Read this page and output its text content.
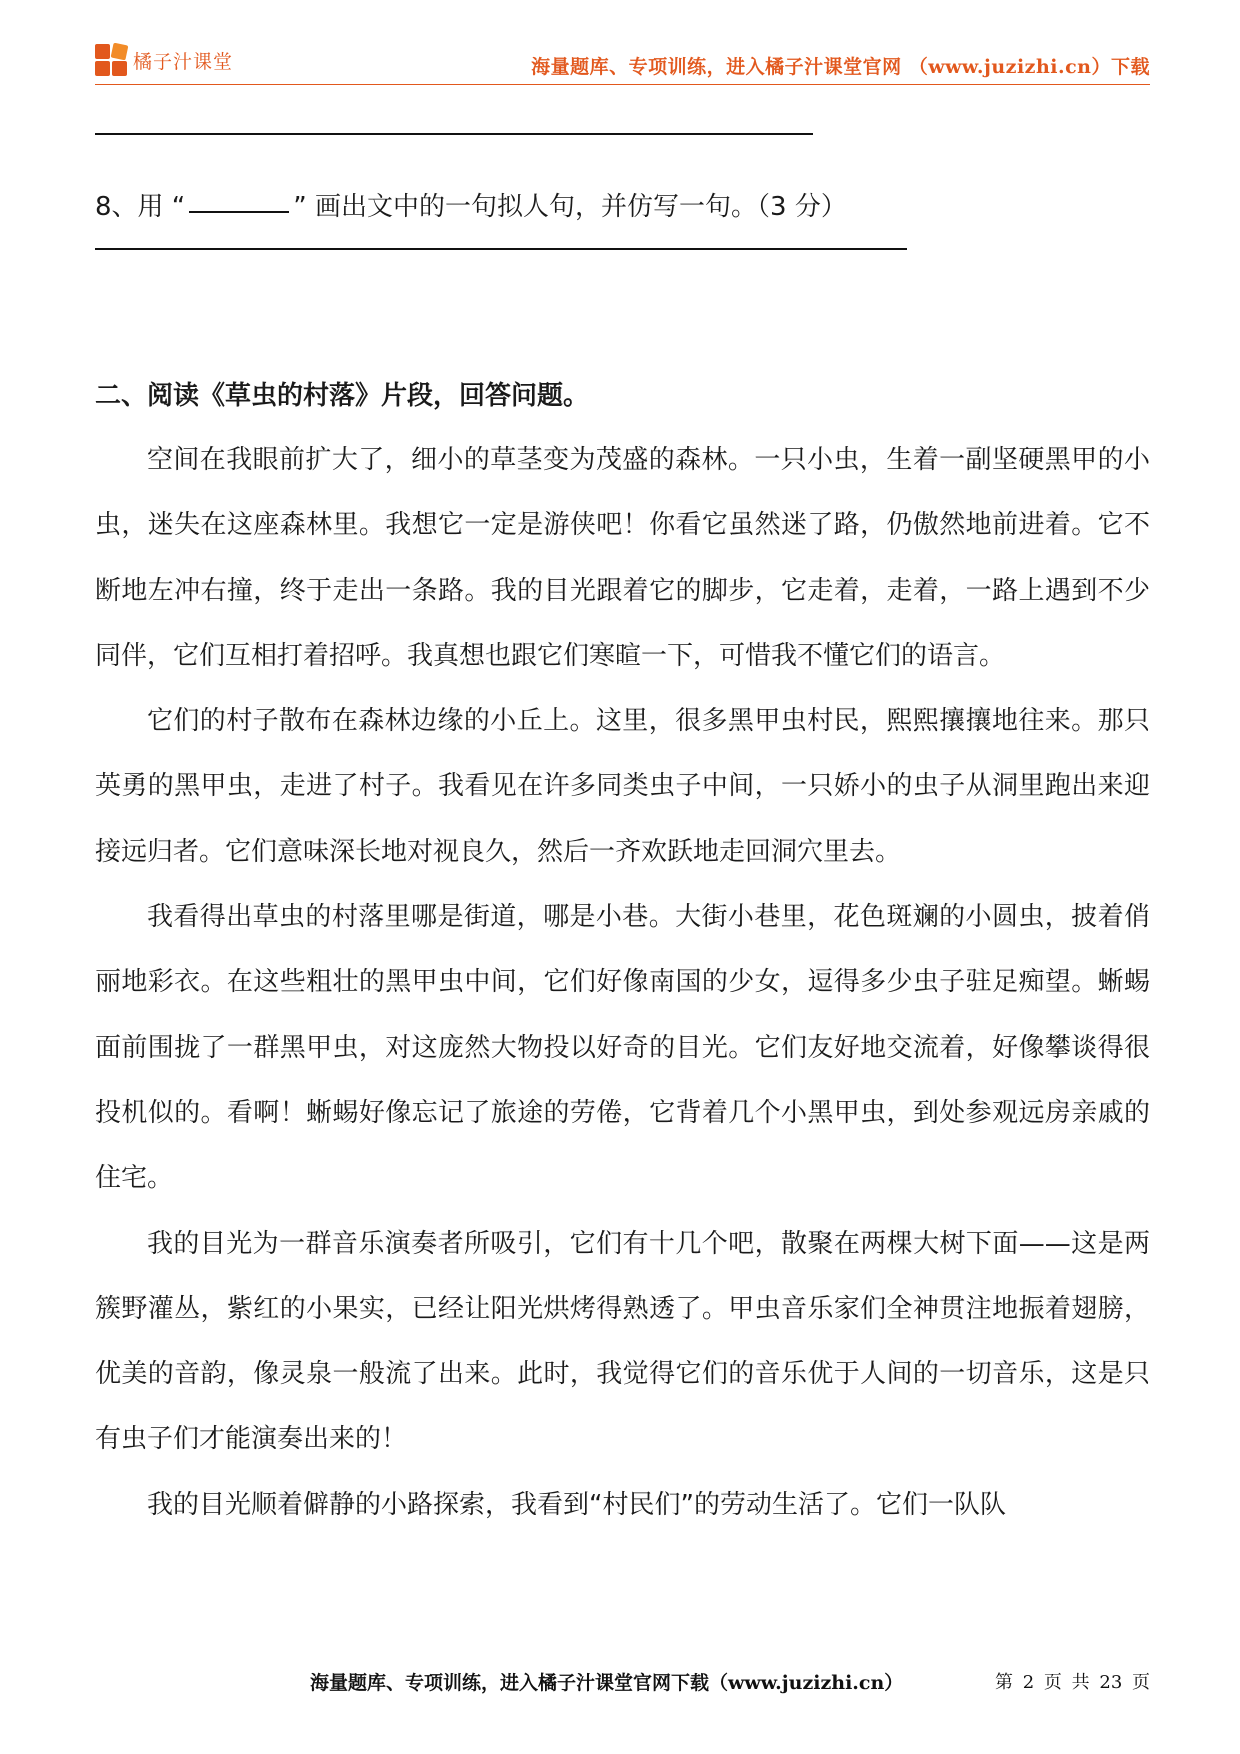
橘子汁课堂	海量题库、专项训练，进入橘子汁课堂官网 （www.juzizhi.cn）下载
8、用 “	” 画出文中的一句拟人句，并仿写一句。（3 分）
二、阅读《草虫的村落》片段，回答问题。

空间在我眼前扩大了，细小的草茎变为茂盛的森林。一只小虫，生着一副坚硬黑甲的小虫，迷失在这座森林里。我想它一定是游侠吧！你看它虽然迷了路，仍傲然地前进着。它不断地左冲右撞，终于走出一条路。我的目光跟着它的脚步，它走着，走着，一路上遇到不少同伴，它们互相打着招呼。我真想也跟它们寒暄一下，可惜我不懂它们的语言。

它们的村子散布在森林边缘的小丘上。这里，很多黑甲虫村民，熙熙攘攘地往来。那只英勇的黑甲虫，走进了村子。我看见在许多同类虫子中间，一只娇小的虫子从洞里跑出来迎接远归者。它们意味深长地对视良久，然后一齐欢跃地走回洞穴里去。

我看得出草虫的村落里哪是街道，哪是小巷。大街小巷里，花色斑斓的小圆虫，披着俏丽地彩衣。在这些粗壮的黑甲虫中间，它们好像南国的少女，逗得多少虫子驻足痴望。蜥蜴面前围拢了一群黑甲虫，对这庞然大物投以好奇的目光。它们友好地交流着，好像攀谈得很投机似的。看啊！蜥蜴好像忘记了旅途的劳倦，它背着几个小黑甲虫，到处参观远房亲戚的住宅。

我的目光为一群音乐演奏者所吸引，它们有十几个吧，散聚在两棵大树下面——这是两簇野灌丛，紫红的小果实，已经让阳光烘烤得熟透了。甲虫音乐家们全神贯注地振着翅膀，优美的音韵，像灵泉一般流了出来。此时，我觉得它们的音乐优于人间的一切音乐，这是只有虫子们才能演奏出来的！

我的目光顺着僻静的小路探索，我看到“村民们”的劳动生活了。它们一队队

海量题库、专项训练，进入橘子汁课堂官网下载（www.juzizhi.cn）	第 2 页 共 23 页
